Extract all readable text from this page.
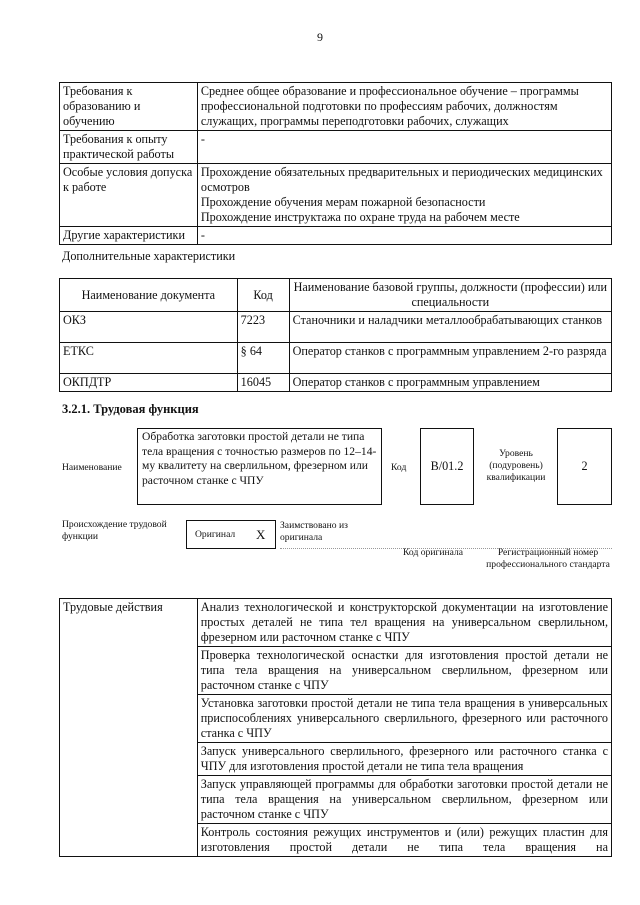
9
Требования к образованию и обучению	Среднее общее образование и профессиональное обучение – программы профессиональной подготовки по профессиям рабочих, должностям служащих, программы переподготовки рабочих, служащих
Требования к опыту практической работы	-
Особые условия допуска к работе	Прохождение обязательных предварительных и периодических медицинских осмотров
Прохождение обучения мерам пожарной безопасности
Прохождение инструктажа по охране труда на рабочем месте

Другие характеристики	-
Дополнительные характеристики
Наименование документа	Код	Наименование базовой группы, должности (профессии) или специальности
ОКЗ	7223	Станочники и наладчики металлообрабатывающих станков
ЕТКС	§ 64	Оператор станков с программным управлением 2-го разряда
ОКПДТР	16045	Оператор станков с программным управлением
3.2.1. Трудовая функция
Наименование
Обработка заготовки простой детали не типа тела вращения с точностью размеров по 12–14-му квалитету на сверлильном, фрезерном или расточном станке с ЧПУ
Код	B/01.2
Уровень (подуровень) квалификации
2
Происхождение трудовой функции	Оригинал X
Заимствовано из оригинала
Код оригинала	Регистрационный номер профессионального стандарта
Трудовые действия	Анализ технологической и конструкторской документации на изготовление простых деталей не типа тел вращения на универсальном сверлильном, фрезерном или расточном станке с ЧПУ
Проверка технологической оснастки для изготовления простой детали не типа тела вращения на универсальном сверлильном, фрезерном или расточном станке с ЧПУ
Установка заготовки простой детали не типа тела вращения в универсальных приспособлениях универсального сверлильного, фрезерного или расточного станка с ЧПУ
Запуск универсального сверлильного, фрезерного или расточного станка с ЧПУ для изготовления простой детали не типа тела вращения
Запуск управляющей программы для обработки заготовки простой детали не типа тела вращения на универсальном сверлильном, фрезерном или расточном станке с ЧПУ
Контроль состояния режущих инструментов и (или) режущих пластин для изготовления простой детали не типа тела вращения на
